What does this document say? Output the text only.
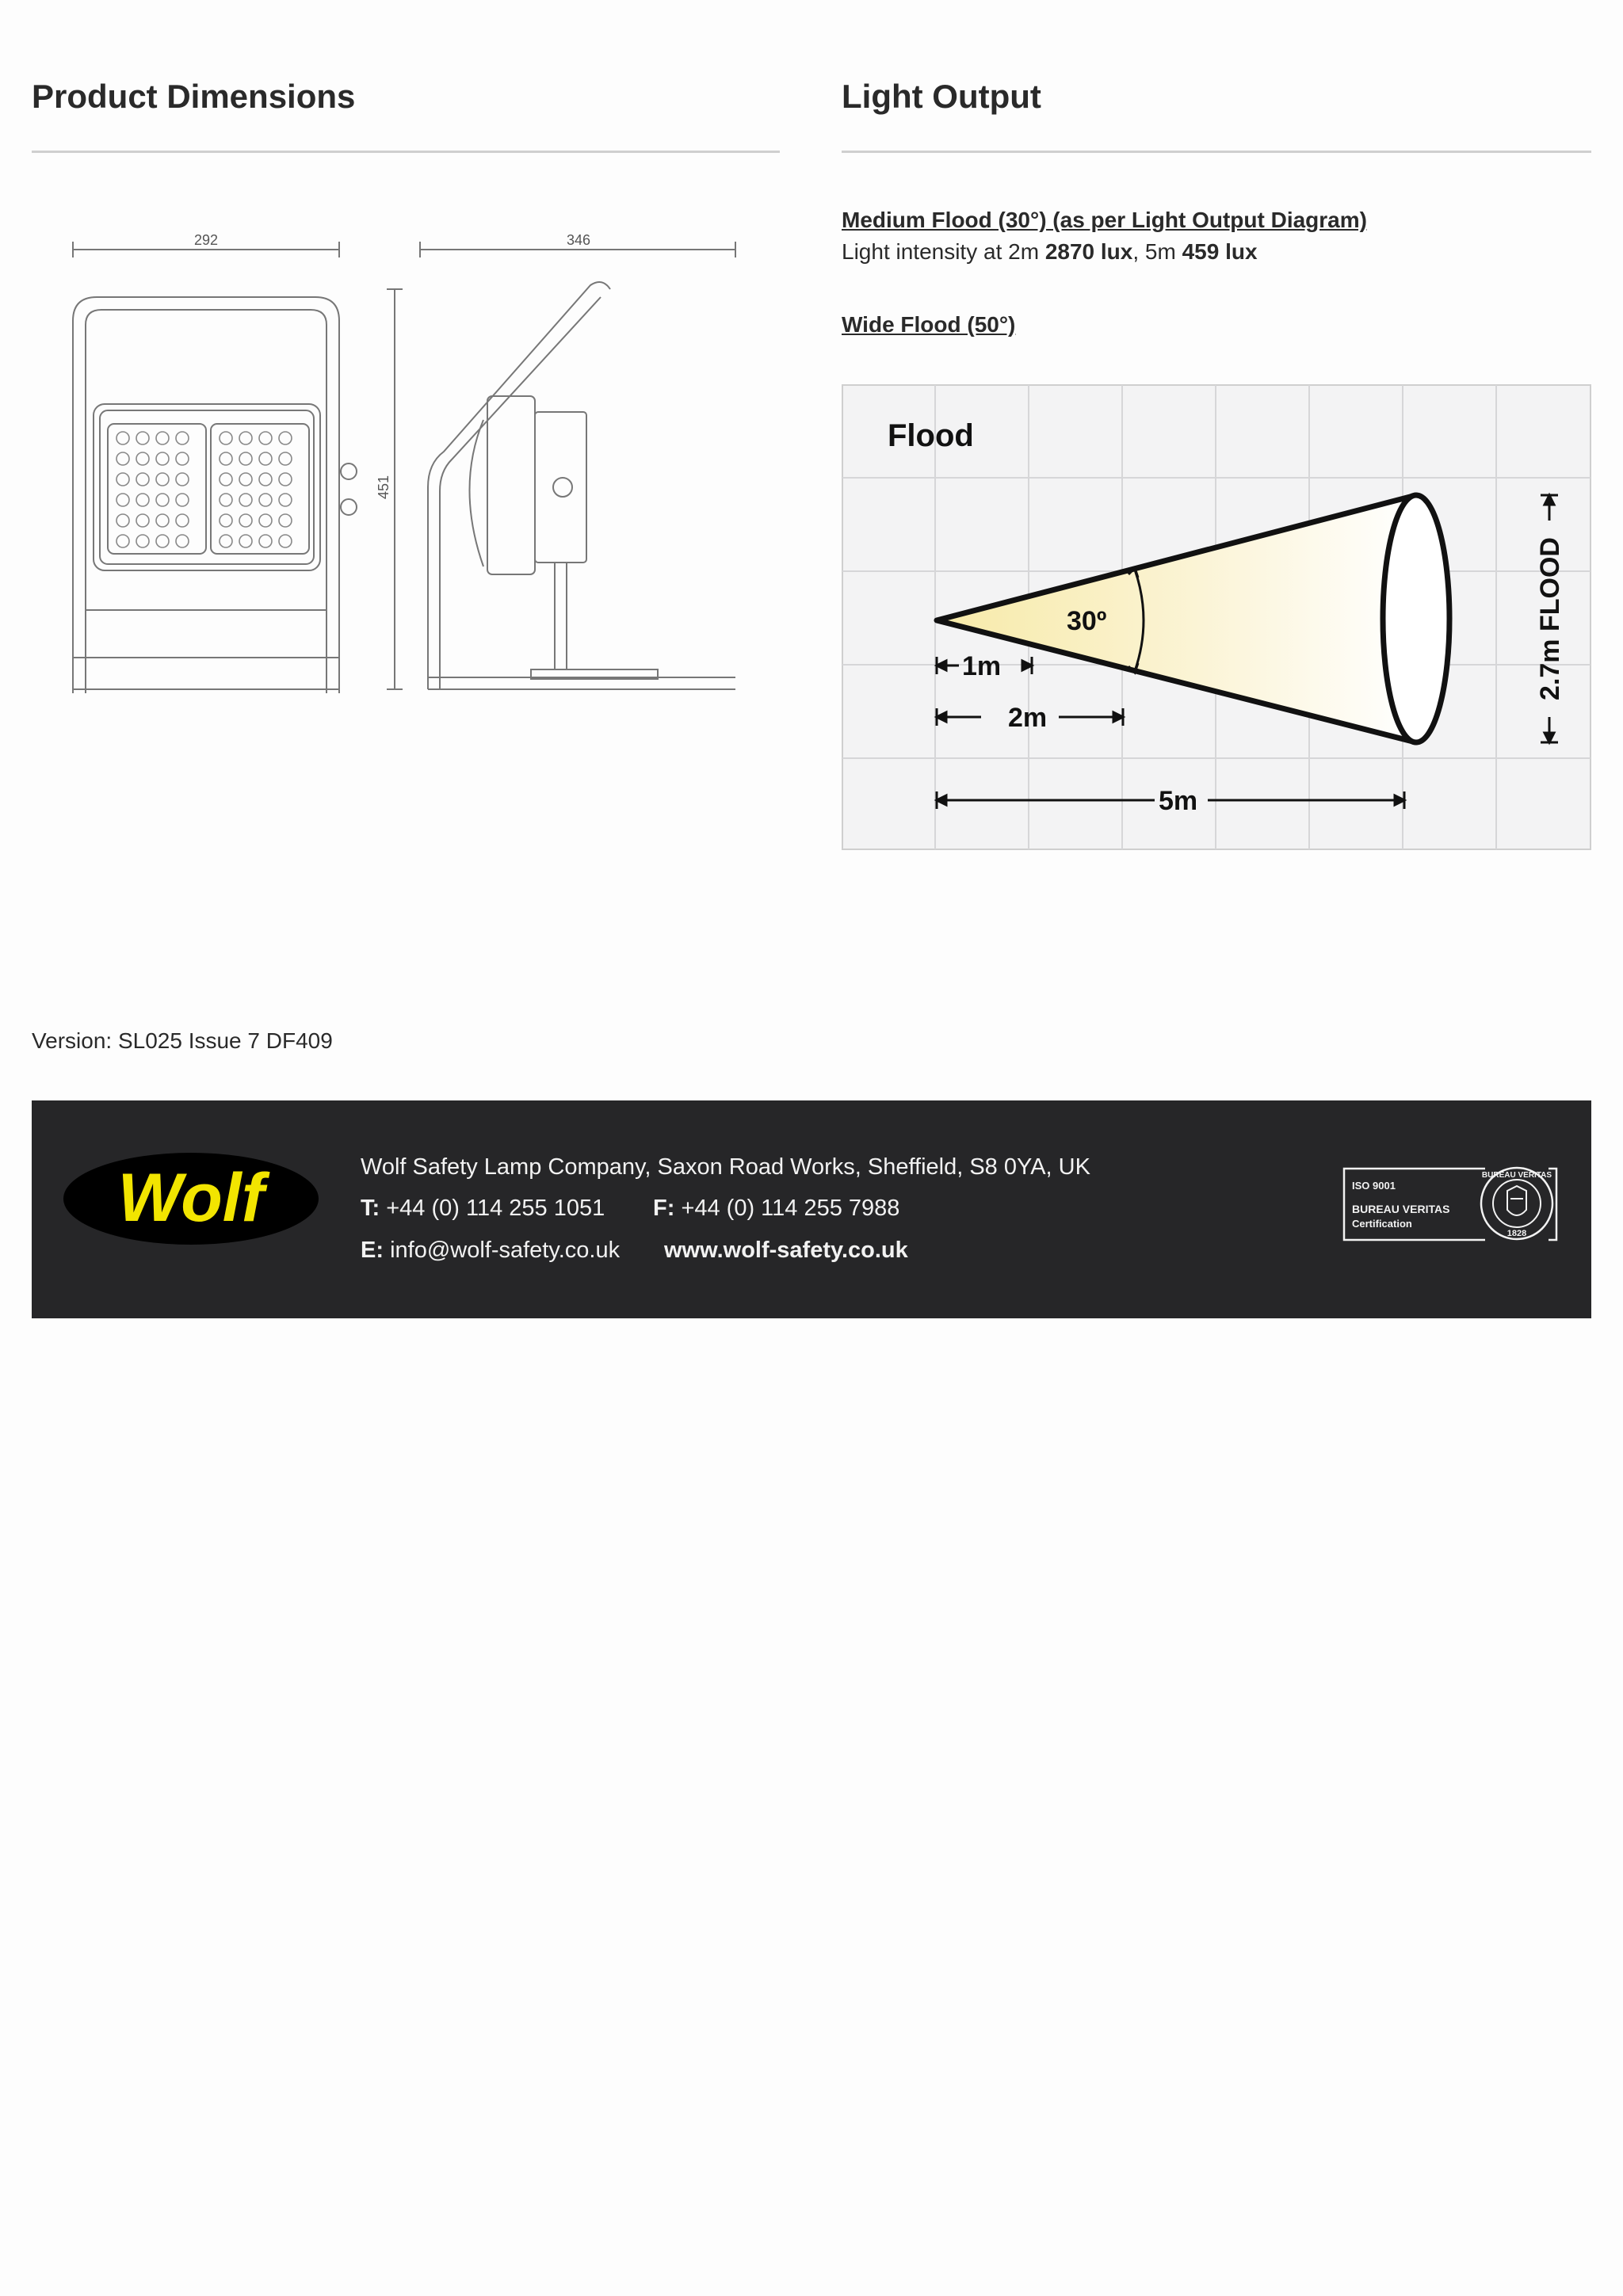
Product Dimensions
292	346
451
Light Output
Medium Flood (30°) (as per Light Output Diagram)
Light intensity at 2m 2870 lux, 5m 459 lux
Wide Flood (50°)
Flood
30º
1m
2m
5m
2.7m FLOOD
Version: SL025 Issue 7 DF409
Wolf	Wolf Safety Lamp Company, Saxon Road Works, Sheffield, S8 0YA, UK
T: +44 (0) 114 255 1051 F: +44 (0) 114 255 7988
E: info@wolf-safety.co.uk www.wolf-safety.co.uk
ISO 9001
BUREAU VERITAS
Certification
1828
BUREAU VERITAS
